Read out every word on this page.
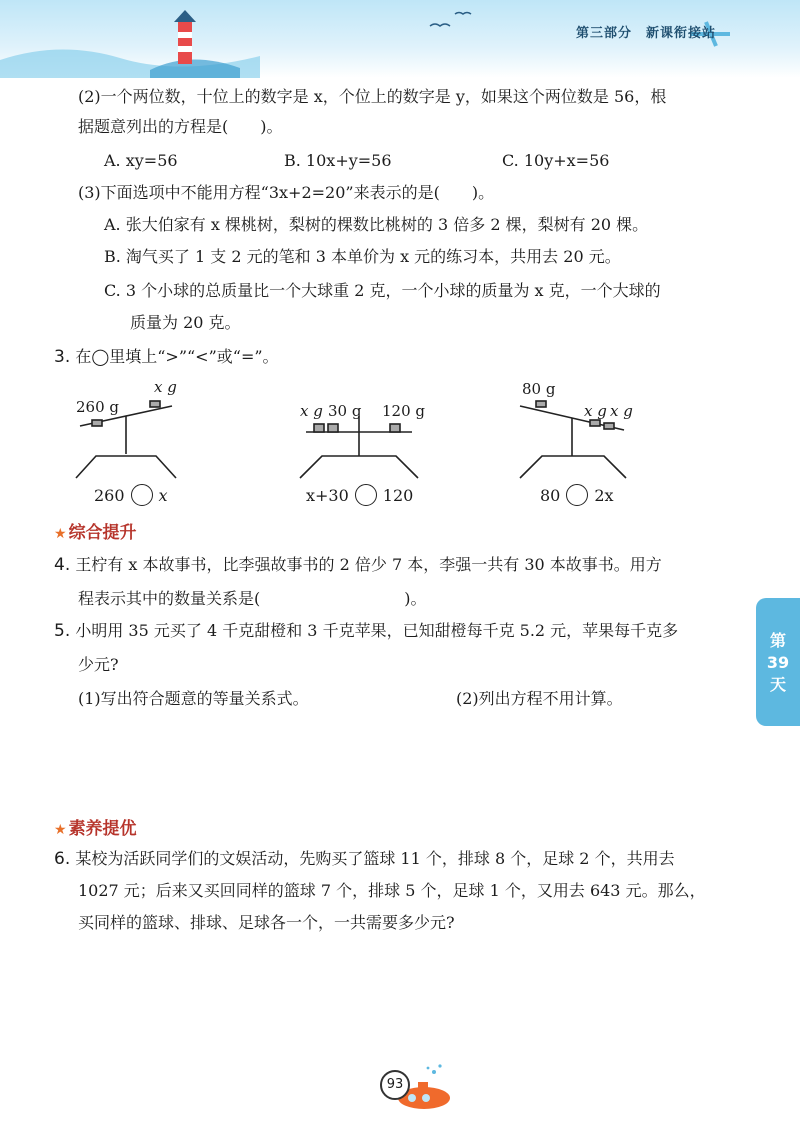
第三部分 新课衔接站
(2)一个两位数，十位上的数字是 x，个位上的数字是 y，如果这个两位数是 56，根
据题意列出的方程是(　　)。
A. xy=56	B. 10x+y=56	C. 10y+x=56
(3)下面选项中不能用方程“3x+2=20”来表示的是(　　)。
A. 张大伯家有 x 棵桃树，梨树的棵数比桃树的 3 倍多 2 棵，梨树有 20 棵。
B. 淘气买了 1 支 2 元的笔和 3 本单价为 x 元的练习本，共用去 20 元。
C. 3 个小球的总质量比一个大球重 2 克，一个小球的质量为 x 克，一个大球的
质量为 20 克。
3. 在◯里填上“>”“<”或“=”。
260 g
x g
x g 30 g 120 g
80 g
x g x g
260 x	x+30 120	80 2x
★ 综合提升
4. 王柠有 x 本故事书，比李强故事书的 2 倍少 7 本，李强一共有 30 本故事书。用方
程表示其中的数量关系是(　　　　　　　　　)。
5. 小明用 35 元买了 4 千克甜橙和 3 千克苹果，已知甜橙每千克 5.2 元，苹果每千克多
少元?
(1)写出符合题意的等量关系式。	(2)列出方程不用计算。
第
39
天
★ 素养提优
6. 某校为活跃同学们的文娱活动，先购买了篮球 11 个，排球 8 个，足球 2 个，共用去
1027 元；后来又买回同样的篮球 7 个，排球 5 个，足球 1 个，又用去 643 元。那么，
买同样的篮球、排球、足球各一个，一共需要多少元?
93
